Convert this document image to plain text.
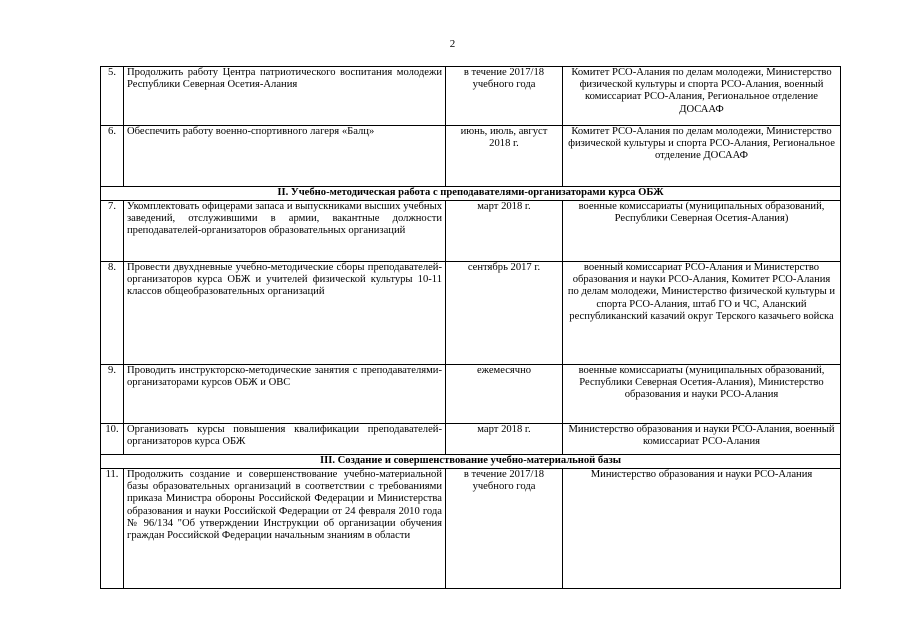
2
5.	Продолжить работу Центра патриотического воспитания молодежи Республики Северная Осетия-Алания	в течение 2017/18 учебного года	Комитет РСО-Алания по делам молодежи, Министерство физической культуры и спорта РСО-Алания, военный комиссариат РСО-Алания, Региональное отделение ДОСААФ
6.	Обеспечить работу военно-спортивного лагеря «Балц»	июнь, июль, август 2018 г.	Комитет РСО-Алания по делам молодежи, Министерство физической культуры и спорта РСО-Алания, Региональное отделение ДОСААФ
II. Учебно-методическая работа с преподавателями-организаторами курса ОБЖ			
7.	Укомплектовать офицерами запаса и выпускниками высших учебных заведений, отслужившими в армии, вакантные должности преподавателей-организаторов образовательных организаций	март 2018 г.	военные комиссариаты (муниципальных образований, Республики Северная Осетия-Алания)
8.	Провести двухдневные учебно-методические сборы преподавателей-организаторов курса ОБЖ и учителей физической культуры 10-11 классов общеобразовательных организаций	сентябрь 2017 г.	военный комиссариат РСО-Алания и Министерство образования и науки РСО-Алания, Комитет РСО-Алания по делам молодежи, Министерство физической культуры и спорта РСО-Алания, штаб ГО и ЧС, Аланский республиканский казачий округ Терского казачьего войска
9.	Проводить инструкторско-методические занятия с преподавателями-организаторами курсов ОБЖ и ОВС	ежемесячно	военные комиссариаты (муниципальных образований, Республики Северная Осетия-Алания), Министерство образования и науки РСО-Алания
10.	Организовать курсы повышения квалификации преподавателей-организаторов курса ОБЖ	март 2018 г.	Министерство образования и науки РСО-Алания, военный комиссариат РСО-Алания
III. Создание и совершенствование учебно-материальной базы			
11.	Продолжить создание и совершенствование учебно-материальной базы образовательных организаций в соответствии с требованиями приказа Министра обороны Российской Федерации и Министерства образования и науки Российской Федерации от 24 февраля 2010 года № 96/134 "Об утверждении Инструкции об организации обучения граждан Российской Федерации начальным знаниям в области	в течение 2017/18 учебного года	Министерство образования и науки РСО-Алания
